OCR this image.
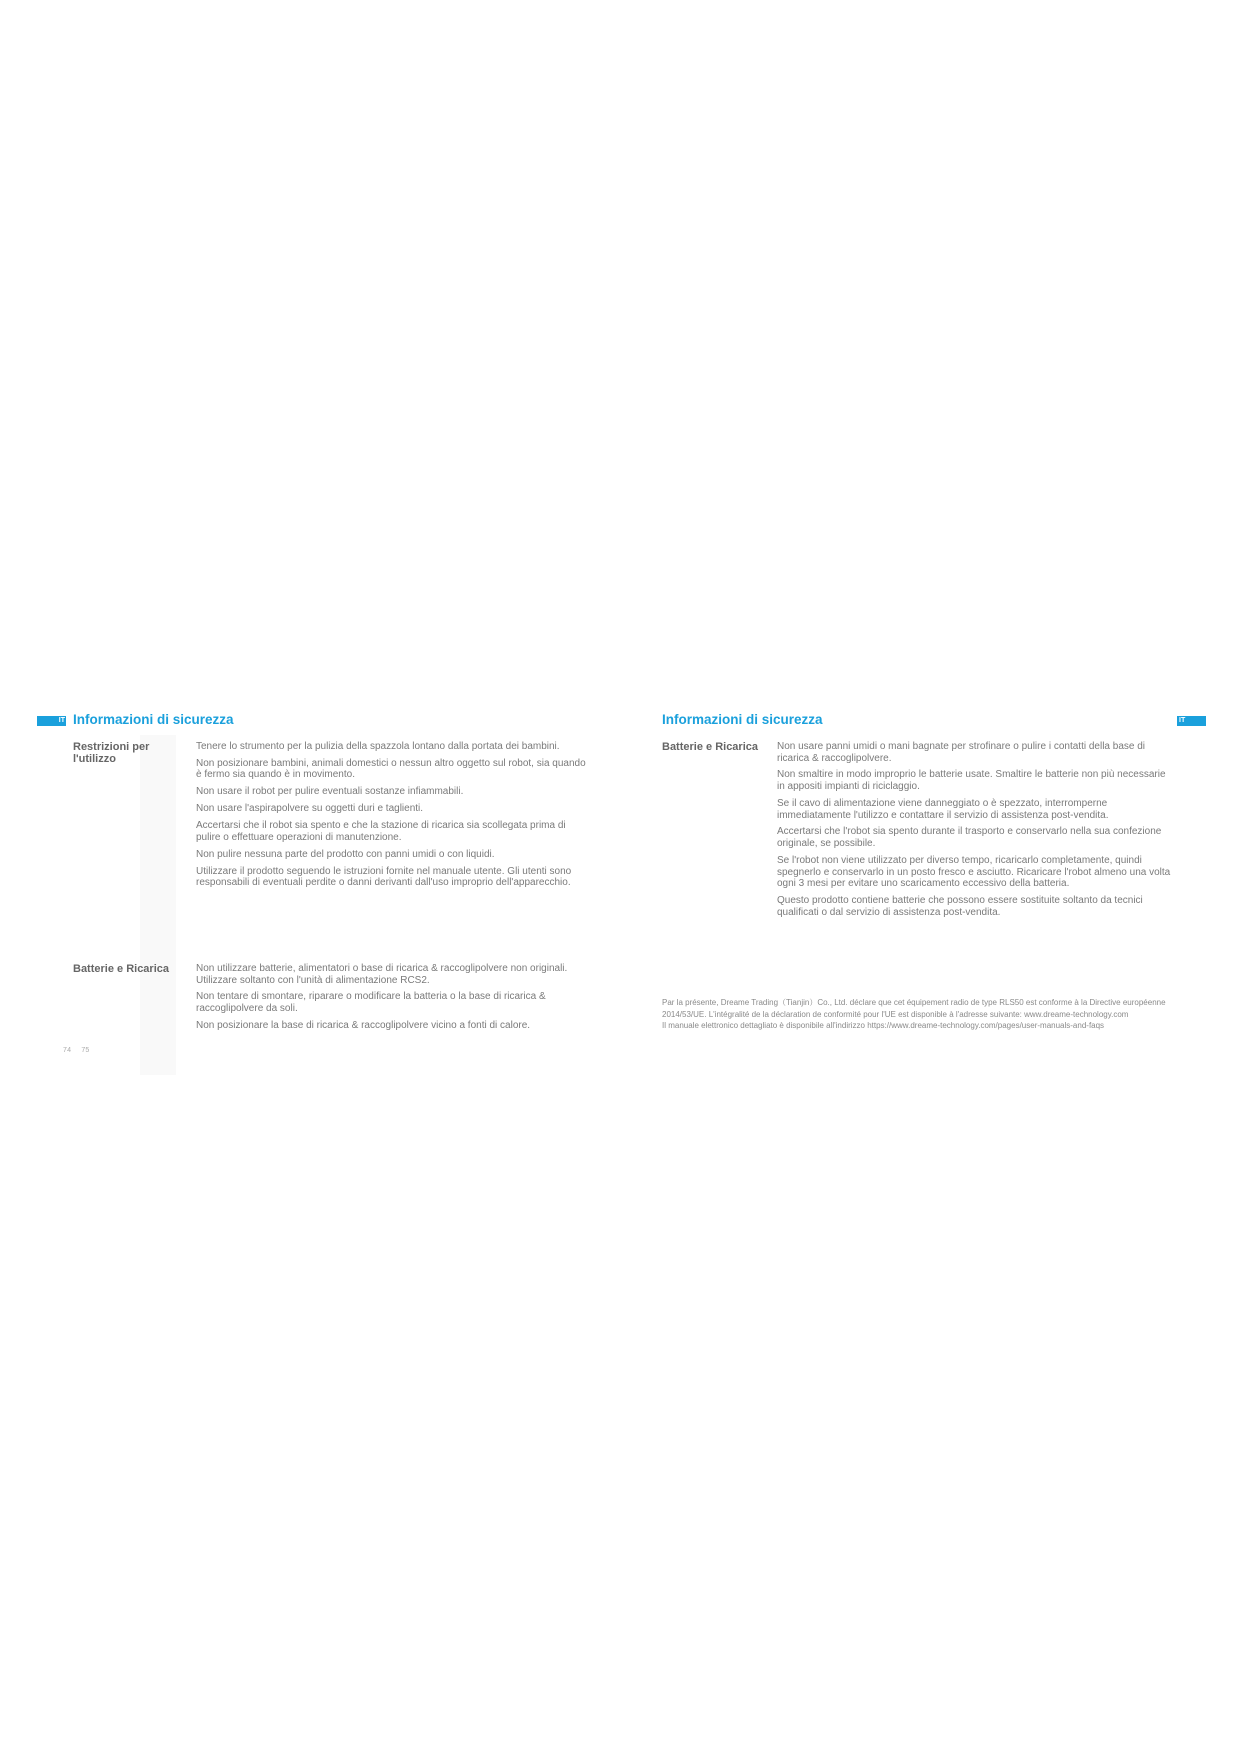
IT Informazioni di sicurezza
Restrizioni per l'utilizzo
Tenere lo strumento per la pulizia della spazzola lontano dalla portata dei bambini.
Non posizionare bambini, animali domestici o nessun altro oggetto sul robot, sia quando è fermo sia quando è in movimento.
Non usare il robot per pulire eventuali sostanze infiammabili.
Non usare l'aspirapolvere su oggetti duri e taglienti.
Accertarsi che il robot sia spento e che la stazione di ricarica sia scollegata prima di pulire o effettuare operazioni di manutenzione.
Non pulire nessuna parte del prodotto con panni umidi o con liquidi.
Utilizzare il prodotto seguendo le istruzioni fornite nel manuale utente. Gli utenti sono responsabili di eventuali perdite o danni derivanti dall'uso improprio dell'apparecchio.
Batterie e Ricarica	Non utilizzare batterie, alimentatori o base di ricarica & raccoglipolvere non originali. Utilizzare soltanto con l'unità di alimentazione RCS2.
Non tentare di smontare, riparare o modificare la batteria o la base di ricarica & raccoglipolvere da soli.
Non posizionare la base di ricarica & raccoglipolvere vicino a fonti di calore.
74 75
Informazioni di sicurezza	IT
Batterie e Ricarica	Non usare panni umidi o mani bagnate per strofinare o pulire i contatti della base di ricarica & raccoglipolvere.
Non smaltire in modo improprio le batterie usate. Smaltire le batterie non più necessarie in appositi impianti di riciclaggio.
Se il cavo di alimentazione viene danneggiato o è spezzato, interromperne immediatamente l'utilizzo e contattare il servizio di assistenza post-vendita.
Accertarsi che l'robot sia spento durante il trasporto e conservarlo nella sua confezione originale, se possibile.
Se l'robot non viene utilizzato per diverso tempo, ricaricarlo completamente, quindi spegnerlo e conservarlo in un posto fresco e asciutto. Ricaricare l'robot almeno una volta ogni 3 mesi per evitare uno scaricamento eccessivo della batteria.
Questo prodotto contiene batterie che possono essere sostituite soltanto da tecnici qualificati o dal servizio di assistenza post-vendita.

Par la présente, Dreame Trading（Tianjin）Co., Ltd. déclare que cet équipement radio de type RLS50 est conforme à la Directive européenne 2014/53/UE. L'intégralité de la déclaration de conformité pour l'UE est disponible à l'adresse suivante: www.dreame-technology.com

Il manuale elettronico dettagliato è disponibile all'indirizzo https://www.dreame-technology.com/pages/user-manuals-and-faqs
